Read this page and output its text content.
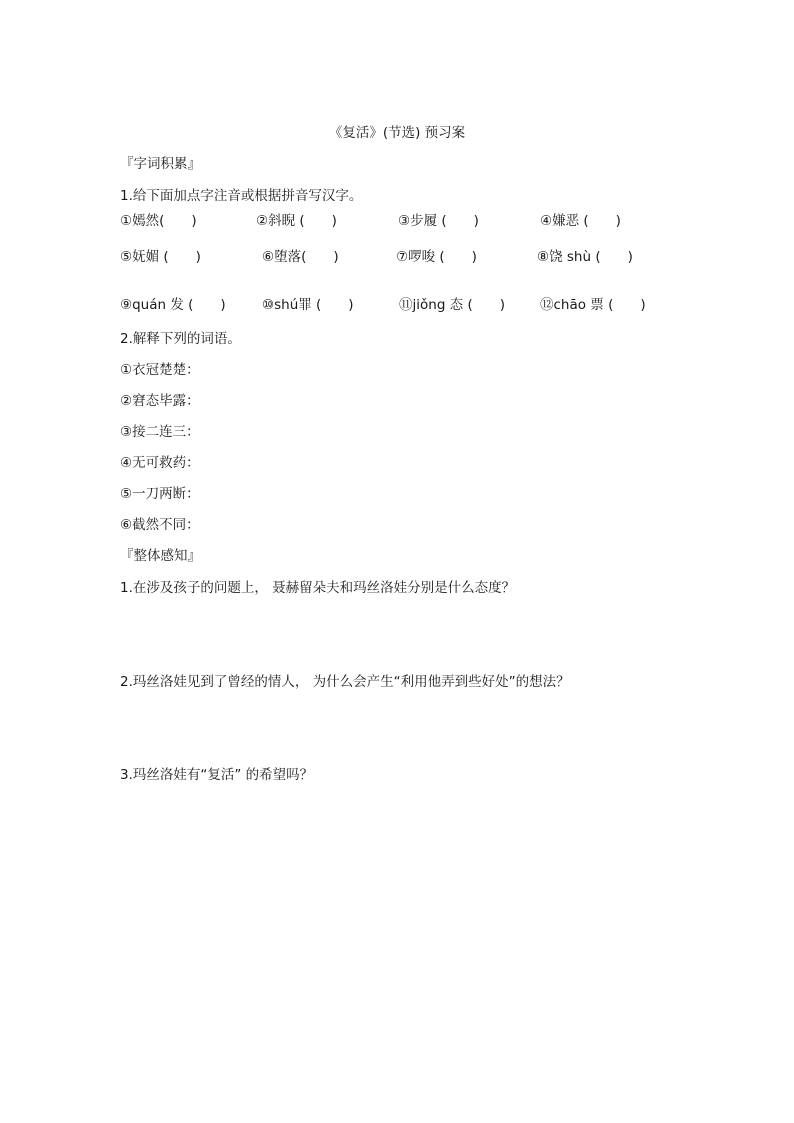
《复活》(节选) 预习案
『字词积累』
1.给下面加点字注音或根据拼音写汉字。
①嫣然(　　)	②斜睨 (　　)	③步履 (　　)	④嫌恶 (　　)
⑤妩媚 (　　)	⑥堕落(　　)	⑦啰唆 (　　)	⑧饶 shù (　　)
⑨quán 发 (　　)	⑩shú罪 (　　)	⑪jiǒng 态 (　　)	⑫chāo 票 (　　)
2.解释下列的词语。
①衣冠楚楚：
②窘态毕露：
③接二连三：
④无可救药：
⑤一刀两断：
⑥截然不同：
『整体感知』
1.在涉及孩子的问题上， 聂赫留朵夫和玛丝洛娃分别是什么态度？
2.玛丝洛娃见到了曾经的情人， 为什么会产生“利用他弄到些好处”的想法？
3.玛丝洛娃有“复活” 的希望吗？
